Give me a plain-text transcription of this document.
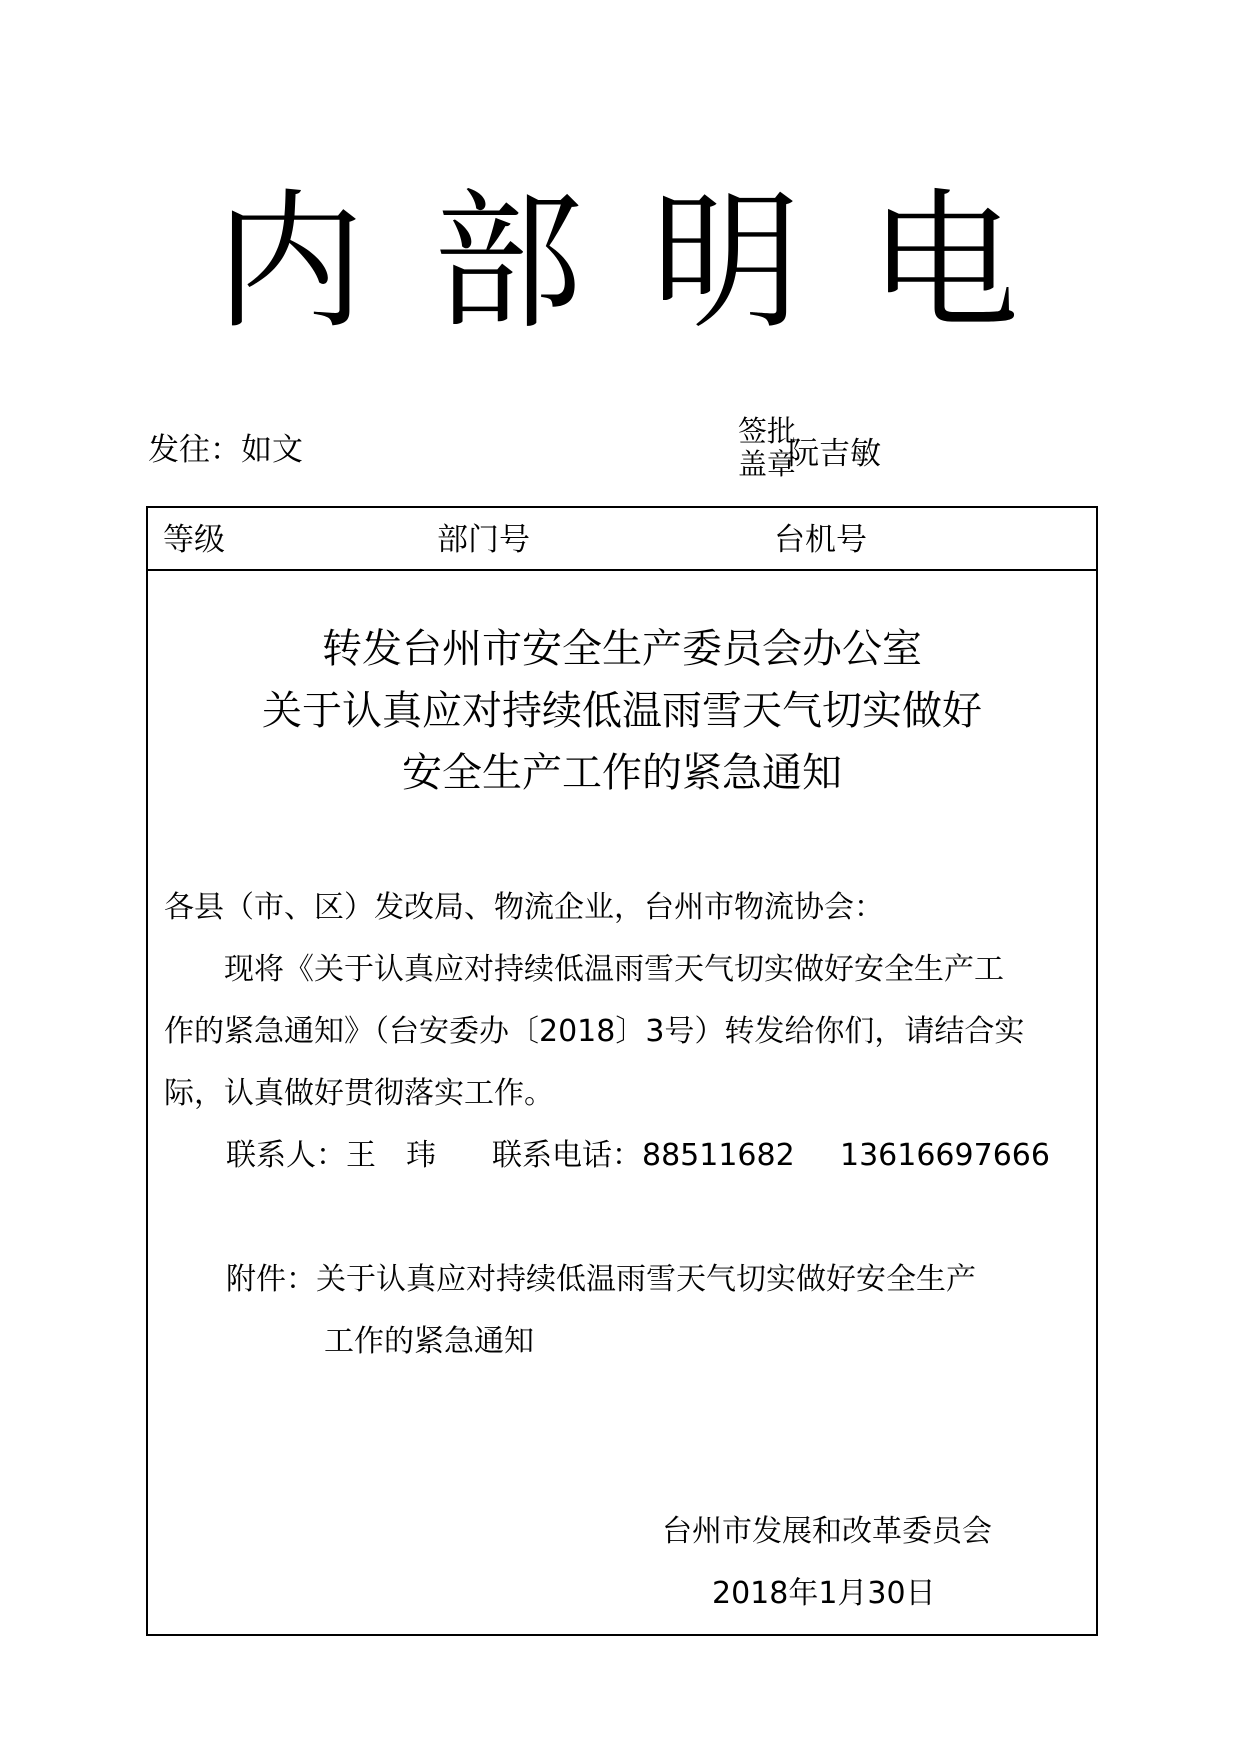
内 部 明 电
发往：如文
签批
盖章
阮吉敏
等级	部门号	台机号
转发台州市安全生产委员会办公室
关于认真应对持续低温雨雪天气切实做好
安全生产工作的紧急通知
各县（市、区）发改局、物流企业，台州市物流协会：
现将《关于认真应对持续低温雨雪天气切实做好安全生产工
作的紧急通知》（台安委办〔2018〕3号）转发给你们，请结合实
际，认真做好贯彻落实工作。
联系人：王　玮 联系电话：88511682 13616697666
附件：关于认真应对持续低温雨雪天气切实做好安全生产
工作的紧急通知
台州市发展和改革委员会
2018年1月30日
